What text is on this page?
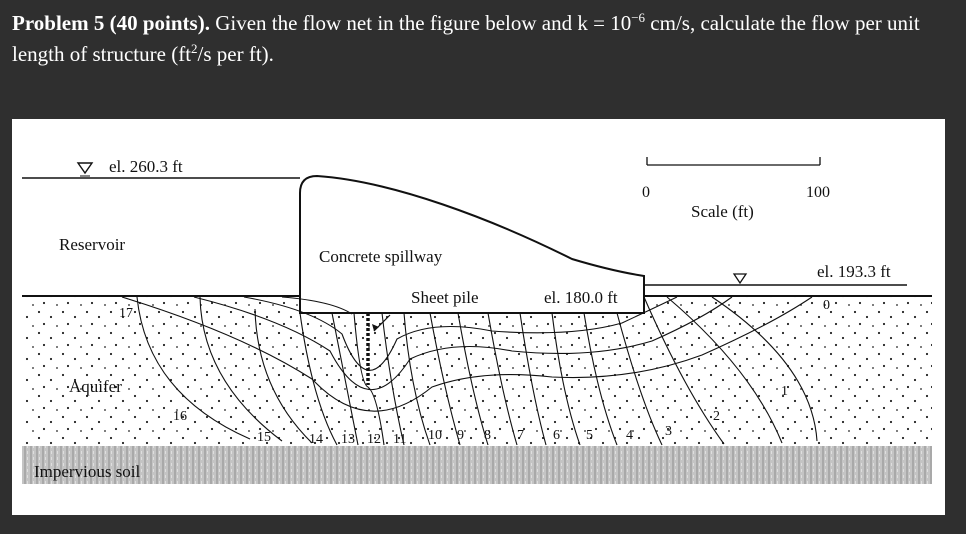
Problem 5 (40 points). Given the flow net in the figure below and $k = 10^{-6}$ cm/s, calculate the flow per unit length of structure ($ft^2/s$ per ft).
el. 260.3 ft
Reservoir
Concrete spillway
Sheet pile	el. 180.0 ft
el. 193.3 ft
Aquifer
Impervious soil
0	100
Scale (ft)
17
16
15	14 13 12 11 10 9 8 7 6 5 4 3
2
1
0
